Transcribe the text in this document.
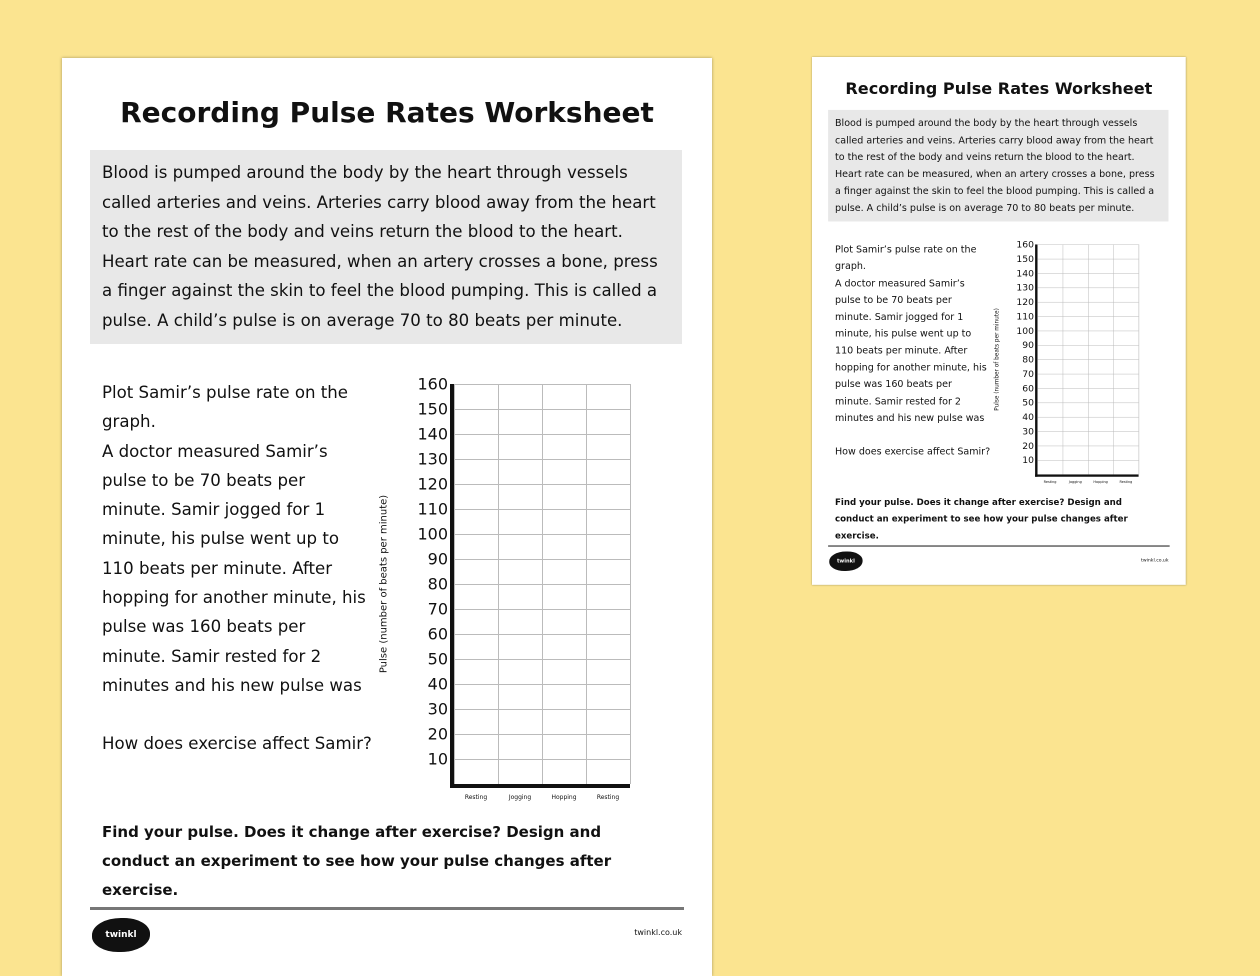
Recording Pulse Rates Worksheet
Blood is pumped around the body by the heart through vessels called arteries and veins. Arteries carry blood away from the heart to the rest of the body and veins return the blood to the heart. Heart rate can be measured, when an artery crosses a bone, press a finger against the skin to feel the blood pumping. This is called a pulse. A child’s pulse is on average 70 to 80 beats per minute.

Plot Samir’s pulse rate on the graph.

A doctor measured Samir’s pulse to be 70 beats per minute. Samir jogged for 1 minute, his pulse went up to 110 beats per minute. After hopping for another minute, his pulse was 160 beats per minute. Samir rested for 2 minutes and his new pulse was

How does exercise affect Samir?

Pulse (number of beats per minute)
160
150
140
130
120
110
100
90
80
70
60
50
40
30
20
10
Resting	Jogging	Hopping	Resting
Find your pulse. Does it change after exercise? Design and conduct an experiment to see how your pulse changes after exercise.
twinkl	twinkl.co.uk
Recording Pulse Rates Worksheet
Blood is pumped around the body by the heart through vessels called arteries and veins. Arteries carry blood away from the heart to the rest of the body and veins return the blood to the heart. Heart rate can be measured, when an artery crosses a bone, press a finger against the skin to feel the blood pumping. This is called a pulse. A child’s pulse is on average 70 to 80 beats per minute.

Plot Samir’s pulse rate on the graph.

A doctor measured Samir’s pulse to be 70 beats per minute. Samir jogged for 1 minute, his pulse went up to 110 beats per minute. After hopping for another minute, his pulse was 160 beats per minute. Samir rested for 2 minutes and his new pulse was

How does exercise affect Samir?

Pulse (number of beats per minute)
160
150
140
130
120
110
100
90
80
70
60
50
40
30
20
10
Resting	Jogging	Hopping	Resting
Find your pulse. Does it change after exercise? Design and conduct an experiment to see how your pulse changes after exercise.
twinkl	twinkl.co.uk
